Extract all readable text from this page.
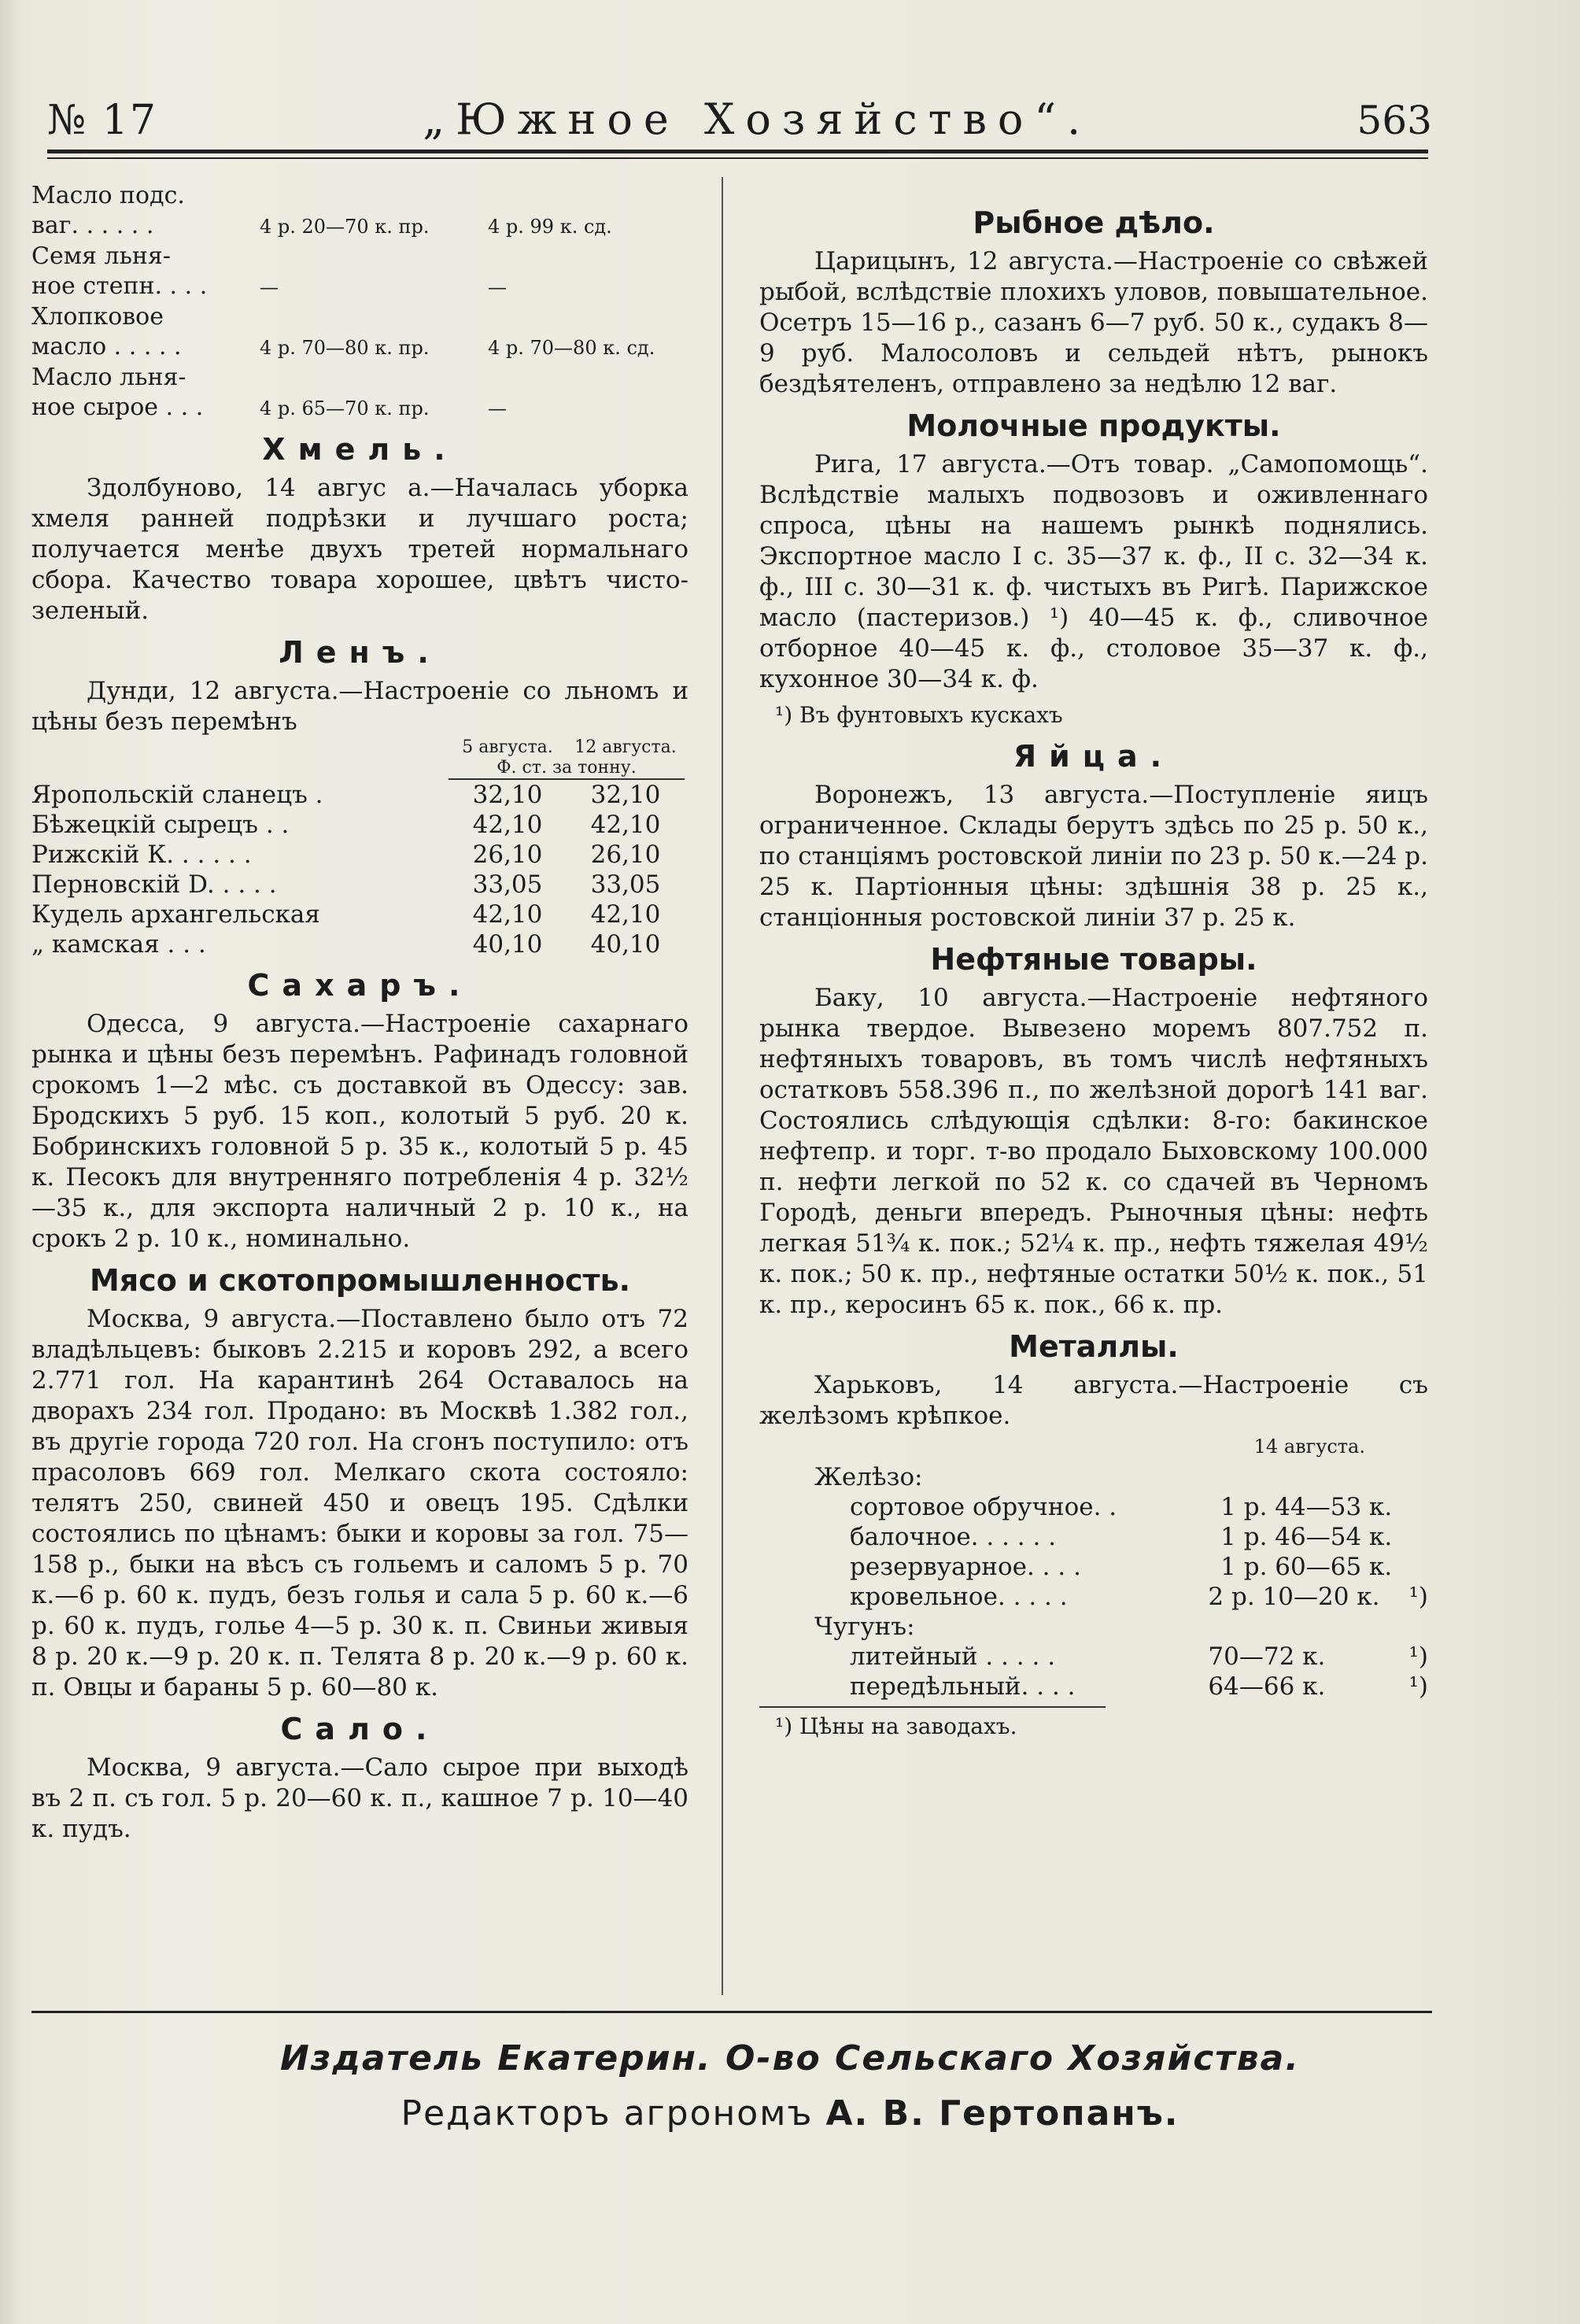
№ 17	„Южное Хозяйство“.	563
Масло подс.
ваг. . . . . .	4 р. 20—70 к. пр.	4 р. 99 к. сд.
Семя льня-
ное степн. . . .	—	—
Хлопковое
масло . . . . .	4 р. 70—80 к. пр.	4 р. 70—80 к. сд.
Масло льня-
ное сырое . . .	4 р. 65—70 к. пр.	—
Хмель.

Здолбуново, 14 авгус а.—Началась уборка хмеля ранней подрѣзки и лучшаго роста; получается менѣе двухъ третей нормальнаго сбора. Качество товара хорошее, цвѣтъ чисто-зеленый.

Ленъ.

Дунди, 12 августа.—Настроеніе со льномъ и цѣны безъ перемѣнъ

	5 августа.	12 августа.
	Ф. ст. за тонну.	
Яропольскій сланецъ .	32,10	32,10
Бѣжецкій сырецъ . .	42,10	42,10
Рижскій К. . . . . .	26,10	26,10
Перновскій D. . . . .	33,05	33,05
Кудель архангельская	42,10	42,10
„ камская . . .	40,10	40,10
Сахаръ.

Одесса, 9 августа.—Настроеніе сахарнаго рынка и цѣны безъ перемѣнъ. Рафинадъ головной срокомъ 1—2 мѣс. съ доставкой въ Одессу: зав. Бродскихъ 5 руб. 15 коп., колотый 5 руб. 20 к. Бобринскихъ головной 5 р. 35 к., колотый 5 р. 45 к. Песокъ для внутренняго потребленія 4 р. 32½—35 к., для экспорта наличный 2 р. 10 к., на срокъ 2 р. 10 к., номинально.

Мясо и скотопромышленность.

Москва, 9 августа.—Поставлено было отъ 72 владѣльцевъ: быковъ 2.215 и коровъ 292, а всего 2.771 гол. На карантинѣ 264 Оставалось на дворахъ 234 гол. Продано: въ Москвѣ 1.382 гол., въ другіе города 720 гол. На сгонъ поступило: отъ прасоловъ 669 гол. Мелкаго скота состояло: телятъ 250, свиней 450 и овецъ 195. Сдѣлки состоялись по цѣнамъ: быки и коровы за гол. 75—158 р., быки на вѣсъ съ гольемъ и саломъ 5 р. 70 к.—6 р. 60 к. пудъ, безъ голья и сала 5 р. 60 к.—6 р. 60 к. пудъ, голье 4—5 р. 30 к. п. Свиньи живыя 8 р. 20 к.—9 р. 20 к. п. Телята 8 р. 20 к.—9 р. 60 к. п. Овцы и бараны 5 р. 60—80 к.

Сало.

Москва, 9 августа.—Сало сырое при выходѣ въ 2 п. съ гол. 5 р. 20—60 к. п., кашное 7 р. 10—40 к. пудъ.

Рыбное дѣло.

Царицынъ, 12 августа.—Настроеніе со свѣжей рыбой, вслѣдствіе плохихъ уловов, повышательное. Осетръ 15—16 р., сазанъ 6—7 руб. 50 к., судакъ 8—9 руб. Малосоловъ и сельдей нѣтъ, рынокъ бездѣятеленъ, отправлено за недѣлю 12 ваг.

Молочные продукты.

Рига, 17 августа.—Отъ товар. „Самопомощь“. Вслѣдствіе малыхъ подвозовъ и оживленнаго спроса, цѣны на нашемъ рынкѣ поднялись. Экспортное масло I с. 35—37 к. ф., II с. 32—34 к. ф., III с. 30—31 к. ф. чистыхъ въ Ригѣ. Парижское масло (пастеризов.) ¹) 40—45 к. ф., сливочное отборное 40—45 к. ф., столовое 35—37 к. ф., кухонное 30—34 к. ф.

¹) Въ фунтовыхъ кускахъ
Яйца.

Воронежъ, 13 августа.—Поступленіе яицъ ограниченное. Склады берутъ здѣсь по 25 р. 50 к., по станціямъ ростовской линіи по 23 р. 50 к.—24 р. 25 к. Партіонныя цѣны: здѣшнія 38 р. 25 к., станціонныя ростовской линіи 37 р. 25 к.

Нефтяные товары.

Баку, 10 августа.—Настроеніе нефтяного рынка твердое. Вывезено моремъ 807.752 п. нефтяныхъ товаровъ, въ томъ числѣ нефтяныхъ остатковъ 558.396 п., по желѣзной дорогѣ 141 ваг. Состоялись слѣдующія сдѣлки: 8-го: бакинское нефтепр. и торг. т-во продало Быховскому 100.000 п. нефти легкой по 52 к. со сдачей въ Черномъ Городѣ, деньги впередъ. Рыночныя цѣны: нефть легкая 51¾ к. пок.; 52¼ к. пр., нефть тяжелая 49½ к. пок.; 50 к. пр., нефтяные остатки 50½ к. пок., 51 к. пр., керосинъ 65 к. пок., 66 к. пр.

Металлы.

Харьковъ, 14 августа.—Настроеніе съ желѣзомъ крѣпкое.

14 августа.
Желѣзо:
сортовое обручное. .	1 р. 44—53 к.
балочное. . . . . .	1 р. 46—54 к.
резервуарное. . . .	1 р. 60—65 к.
кровельное. . . . .	2 р. 10—20 к.	¹)
Чугунъ:
литейный . . . . .	70—72 к.	¹)
передѣльный. . . .	64—66 к.	¹)
¹) Цѣны на заводахъ.
Издатель Екатерин. О-во Сельскаго Хозяйства.
Редакторъ агрономъ А. В. Гертопанъ.
